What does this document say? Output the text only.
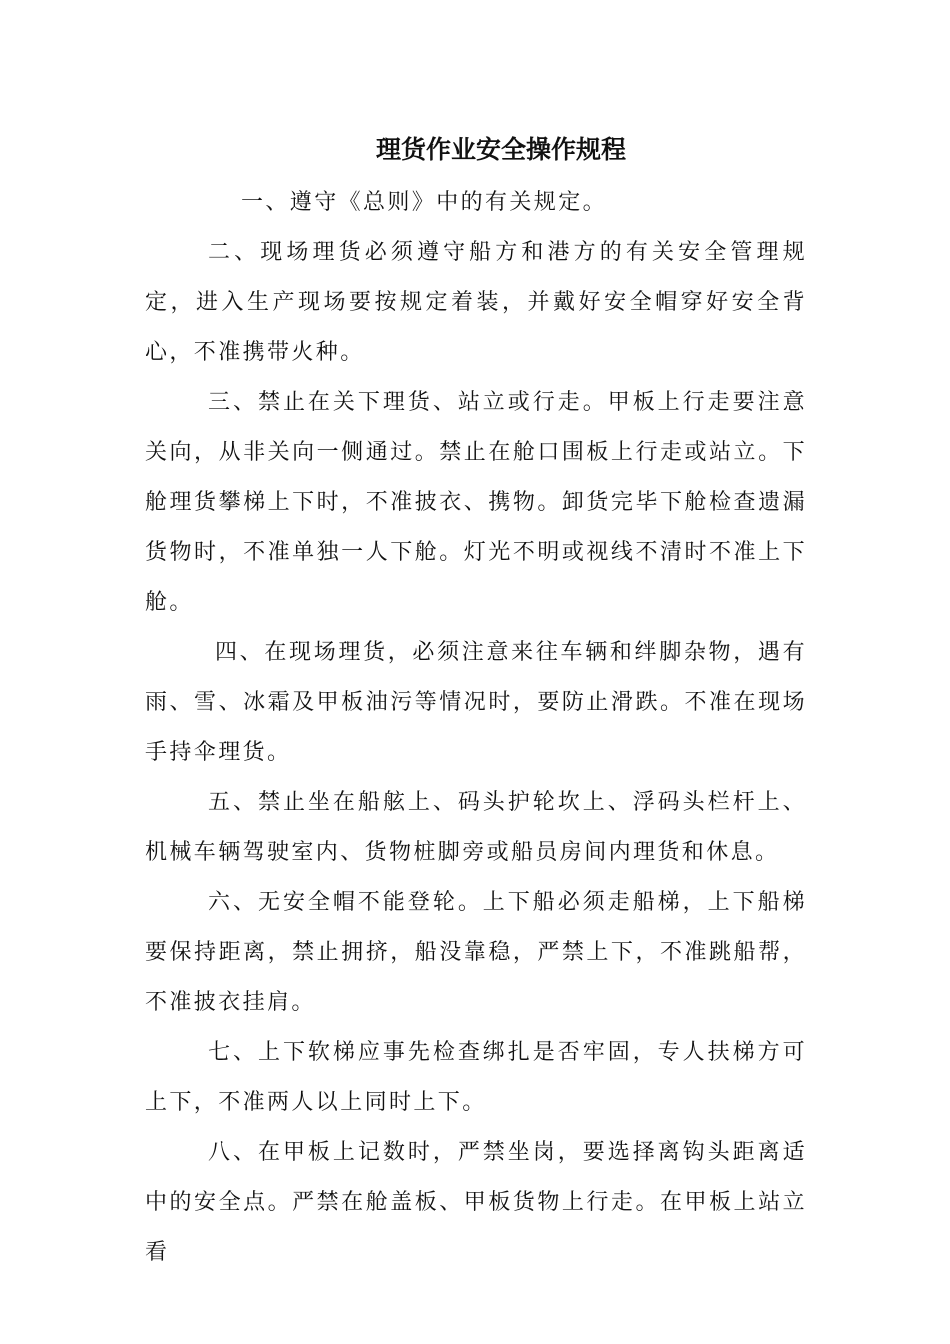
理货作业安全操作规程

一、遵守《总则》中的有关规定。

二、现场理货必须遵守船方和港方的有关安全管理规定，进入生产现场要按规定着装，并戴好安全帽穿好安全背心，不准携带火种。

三、禁止在关下理货、站立或行走。甲板上行走要注意关向，从非关向一侧通过。禁止在舱口围板上行走或站立。下舱理货攀梯上下时，不准披衣、携物。卸货完毕下舱检查遗漏货物时，不准单独一人下舱。灯光不明或视线不清时不准上下舱。

四、在现场理货，必须注意来往车辆和绊脚杂物，遇有雨、雪、冰霜及甲板油污等情况时，要防止滑跌。不准在现场手持伞理货。

五、禁止坐在船舷上、码头护轮坎上、浮码头栏杆上、机械车辆驾驶室内、货物桩脚旁或船员房间内理货和休息。

六、无安全帽不能登轮。上下船必须走船梯，上下船梯要保持距离，禁止拥挤，船没靠稳，严禁上下，不准跳船帮，不准披衣挂肩。

七、上下软梯应事先检查绑扎是否牢固，专人扶梯方可上下，不准两人以上同时上下。

八、在甲板上记数时，严禁坐岗，要选择离钩头距离适中的安全点。严禁在舱盖板、甲板货物上行走。在甲板上站立看
